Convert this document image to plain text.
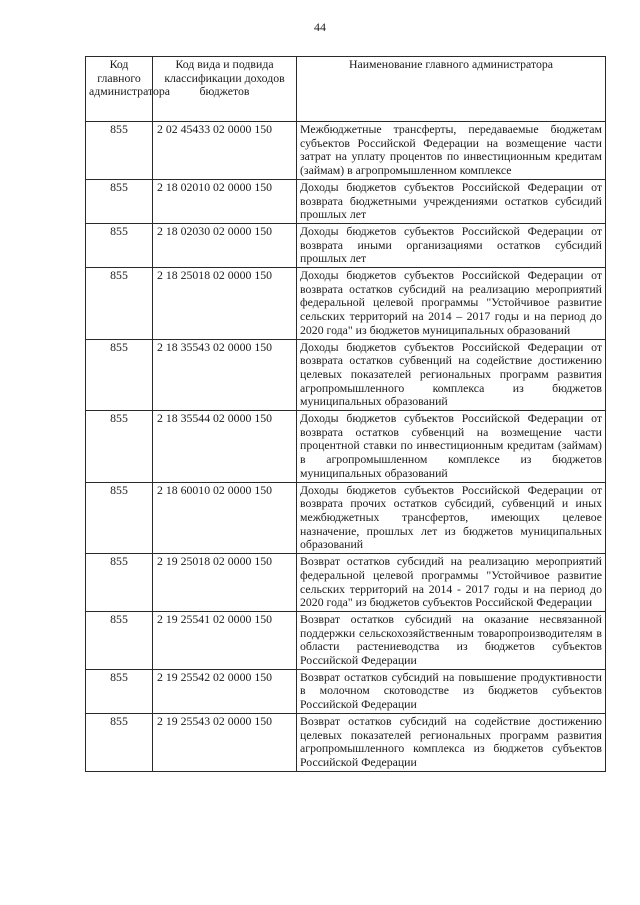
44
Код главного администратора	Код вида и подвида классификации доходов бюджетов	Наименование главного администратора
855	2 02 45433 02 0000 150	Межбюджетные трансферты, передаваемые бюджетам субъектов Российской Федерации на возмещение части затрат на уплату процентов по инвестиционным кредитам (займам) в агропромышленном комплексе
855	2 18 02010 02 0000 150	Доходы бюджетов субъектов Российской Федерации от возврата бюджетными учреждениями остатков субсидий прошлых лет
855	2 18 02030 02 0000 150	Доходы бюджетов субъектов Российской Федерации от возврата иными организациями остатков субсидий прошлых лет
855	2 18 25018 02 0000 150	Доходы бюджетов субъектов Российской Федерации от возврата остатков субсидий на реализацию мероприятий федеральной целевой программы "Устойчивое развитие сельских территорий на 2014 – 2017 годы и на период до 2020 года" из бюджетов муниципальных образований
855	2 18 35543 02 0000 150	Доходы бюджетов субъектов Российской Федерации от возврата остатков субвенций на содействие достижению целевых показателей региональных программ развития агропромышленного комплекса из бюджетов муниципальных образований
855	2 18 35544 02 0000 150	Доходы бюджетов субъектов Российской Федерации от возврата остатков субвенций на возмещение части процентной ставки по инвестиционным кредитам (займам) в агропромышленном комплексе из бюджетов муниципальных образований
855	2 18 60010 02 0000 150	Доходы бюджетов субъектов Российской Федерации от возврата прочих остатков субсидий, субвенций и иных межбюджетных трансфертов, имеющих целевое назначение, прошлых лет из бюджетов муниципальных образований
855	2 19 25018 02 0000 150	Возврат остатков субсидий на реализацию мероприятий федеральной целевой программы "Устойчивое развитие сельских территорий на 2014 - 2017 годы и на период до 2020 года" из бюджетов субъектов Российской Федерации
855	2 19 25541 02 0000 150	Возврат остатков субсидий на оказание несвязанной поддержки сельскохозяйственным товаропроизводителям в области растениеводства из бюджетов субъектов Российской Федерации
855	2 19 25542 02 0000 150	Возврат остатков субсидий на повышение продуктивности в молочном скотоводстве из бюджетов субъектов Российской Федерации
855	2 19 25543 02 0000 150	Возврат остатков субсидий на содействие достижению целевых показателей региональных программ развития агропромышленного комплекса из бюджетов субъектов Российской Федерации
